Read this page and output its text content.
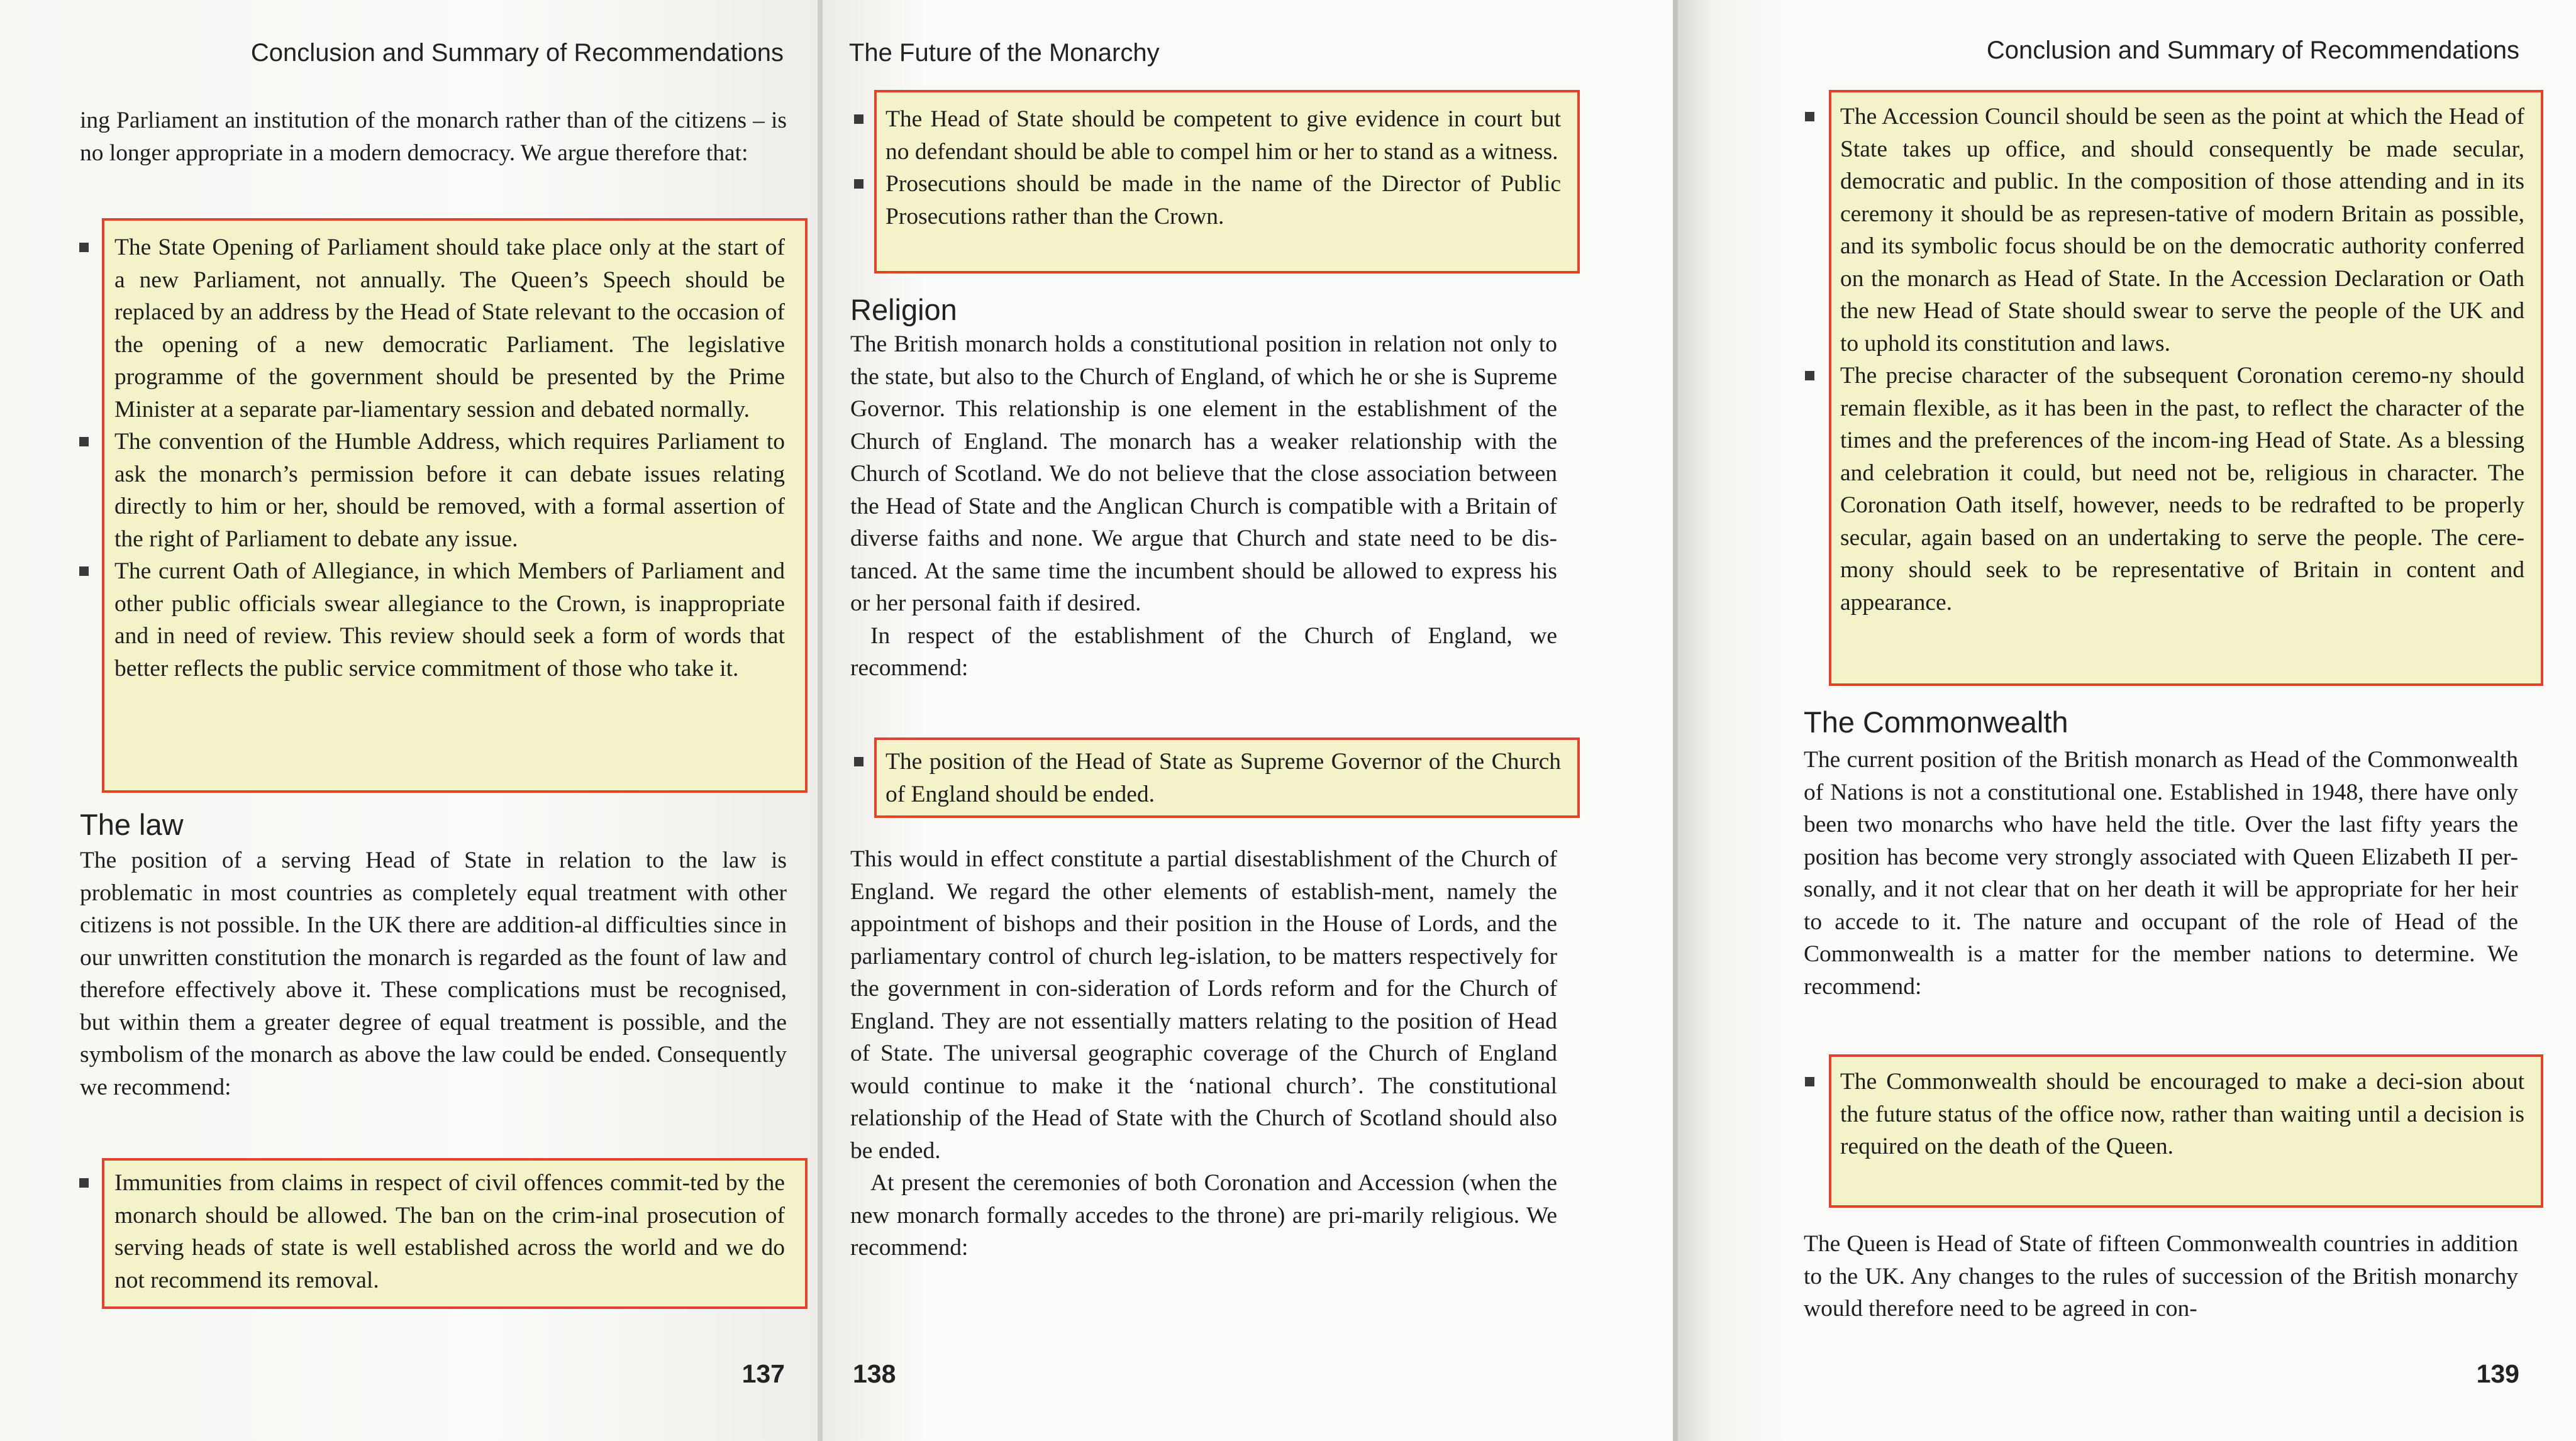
Conclusion and Summary of Recommendations

ing Parliament an institution of the monarch rather than of the citizens – is no longer appropriate in a modern democracy. We argue therefore that:

The State Opening of Parliament should take place only at the start of a new Parliament, not annually. The Queen’s Speech should be replaced by an address by the Head of State relevant to the occasion of the opening of a new democratic Parliament. The legislative programme of the government should be presented by the Prime Minister at a separate par-liamentary session and debated normally.

The convention of the Humble Address, which requires Parliament to ask the monarch’s permission before it can debate issues relating directly to him or her, should be removed, with a formal assertion of the right of Parliament to debate any issue.

The current Oath of Allegiance, in which Members of Parliament and other public officials swear allegiance to the Crown, is inappropriate and in need of review. This review should seek a form of words that better reflects the public service commitment of those who take it.

The law

The position of a serving Head of State in relation to the law is problematic in most countries as completely equal treatment with other citizens is not possible. In the UK there are addition-al difficulties since in our unwritten constitution the monarch is regarded as the fount of law and therefore effectively above it. These complications must be recognised, but within them a greater degree of equal treatment is possible, and the symbolism of the monarch as above the law could be ended. Consequently we recommend:

Immunities from claims in respect of civil offences commit-ted by the monarch should be allowed. The ban on the crim-inal prosecution of serving heads of state is well established across the world and we do not recommend its removal.

137
The Future of the Monarchy

The Head of State should be competent to give evidence in court but no defendant should be able to compel him or her to stand as a witness.

Prosecutions should be made in the name of the Director of Public Prosecutions rather than the Crown.

Religion

The British monarch holds a constitutional position in relation not only to the state, but also to the Church of England, of which he or she is Supreme Governor. This relationship is one element in the establishment of the Church of England. The monarch has a weaker relationship with the Church of Scotland. We do not believe that the close association between the Head of State and the Anglican Church is compatible with a Britain of diverse faiths and none. We argue that Church and state need to be dis-tanced. At the same time the incumbent should be allowed to express his or her personal faith if desired.

In respect of the establishment of the Church of England, we recommend:

The position of the Head of State as Supreme Governor of the Church of England should be ended.

This would in effect constitute a partial disestablishment of the Church of England. We regard the other elements of establish-ment, namely the appointment of bishops and their position in the House of Lords, and the parliamentary control of church leg-islation, to be matters respectively for the government in con-sideration of Lords reform and for the Church of England. They are not essentially matters relating to the position of Head of State. The universal geographic coverage of the Church of England would continue to make it the ‘national church’. The constitutional relationship of the Head of State with the Church of Scotland should also be ended.

At present the ceremonies of both Coronation and Accession (when the new monarch formally accedes to the throne) are pri-marily religious. We recommend:

138
Conclusion and Summary of Recommendations

The Accession Council should be seen as the point at which the Head of State takes up office, and should consequently be made secular, democratic and public. In the composition of those attending and in its ceremony it should be as represen-tative of modern Britain as possible, and its symbolic focus should be on the democratic authority conferred on the monarch as Head of State. In the Accession Declaration or Oath the new Head of State should swear to serve the people of the UK and to uphold its constitution and laws.

The precise character of the subsequent Coronation ceremo-ny should remain flexible, as it has been in the past, to reflect the character of the times and the preferences of the incom-ing Head of State. As a blessing and celebration it could, but need not be, religious in character. The Coronation Oath itself, however, needs to be redrafted to be properly secular, again based on an undertaking to serve the people. The cere-mony should seek to be representative of Britain in content and appearance.

The Commonwealth

The current position of the British monarch as Head of the Commonwealth of Nations is not a constitutional one. Established in 1948, there have only been two monarchs who have held the title. Over the last fifty years the position has become very strongly associated with Queen Elizabeth II per-sonally, and it not clear that on her death it will be appropriate for her heir to accede to it. The nature and occupant of the role of Head of the Commonwealth is a matter for the member nations to determine. We recommend:

The Commonwealth should be encouraged to make a deci-sion about the future status of the office now, rather than waiting until a decision is required on the death of the Queen.

The Queen is Head of State of fifteen Commonwealth countries in addition to the UK. Any changes to the rules of succession of the British monarchy would therefore need to be agreed in con-

139
